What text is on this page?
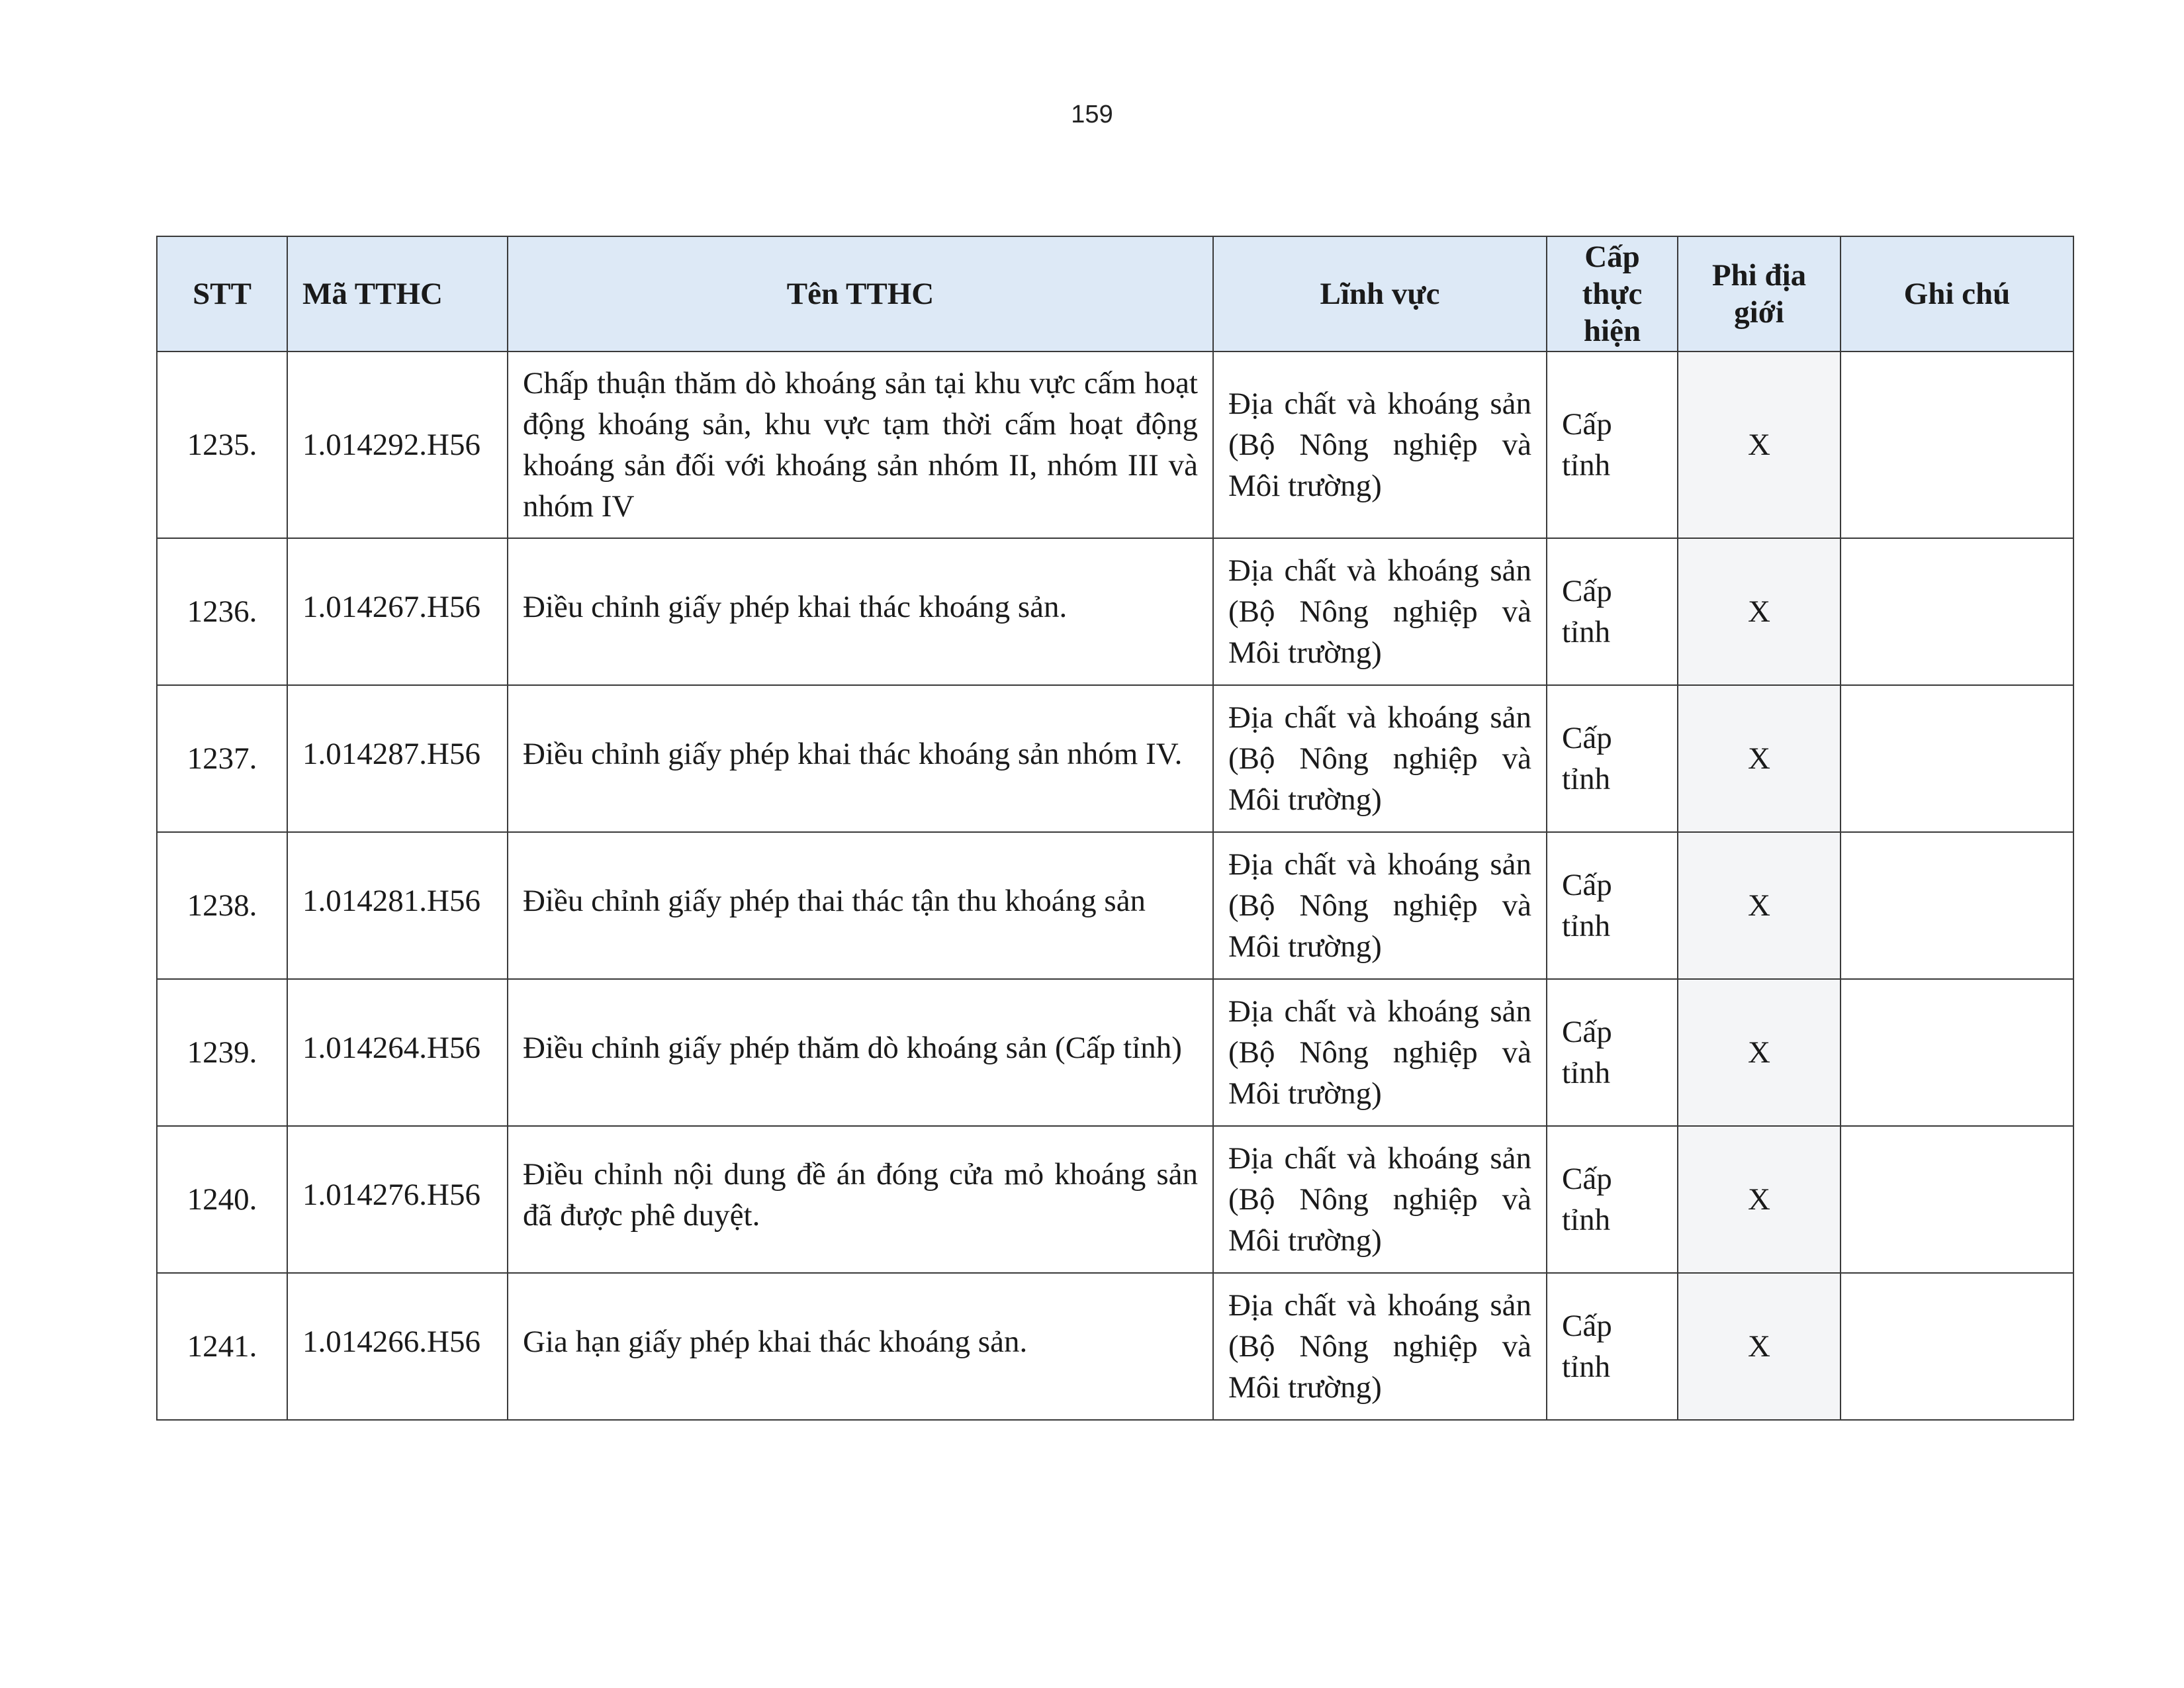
159
STT	Mã TTHC	Tên TTHC	Lĩnh vực	Cấp thực hiện	Phi địa giới	Ghi chú
1235.	1.014292.H56	Chấp thuận thăm dò khoáng sản tại khu vực cấm hoạt động khoáng sản, khu vực tạm thời cấm hoạt động khoáng sản đối với khoáng sản nhóm II, nhóm III và nhóm IV	Địa chất và khoáng sản (Bộ Nông nghiệp và Môi trường)	Cấp tỉnh	X	
1236.	1.014267.H56	Điều chỉnh giấy phép khai thác khoáng sản.	Địa chất và khoáng sản (Bộ Nông nghiệp và Môi trường)	Cấp tỉnh	X	
1237.	1.014287.H56	Điều chỉnh giấy phép khai thác khoáng sản nhóm IV.	Địa chất và khoáng sản (Bộ Nông nghiệp và Môi trường)	Cấp tỉnh	X	
1238.	1.014281.H56	Điều chỉnh giấy phép thai thác tận thu khoáng sản	Địa chất và khoáng sản (Bộ Nông nghiệp và Môi trường)	Cấp tỉnh	X	
1239.	1.014264.H56	Điều chỉnh giấy phép thăm dò khoáng sản (Cấp tỉnh)	Địa chất và khoáng sản (Bộ Nông nghiệp và Môi trường)	Cấp tỉnh	X	
1240.	1.014276.H56	Điều chỉnh nội dung đề án đóng cửa mỏ khoáng sản đã được phê duyệt.	Địa chất và khoáng sản (Bộ Nông nghiệp và Môi trường)	Cấp tỉnh	X	
1241.	1.014266.H56	Gia hạn giấy phép khai thác khoáng sản.	Địa chất và khoáng sản (Bộ Nông nghiệp và Môi trường)	Cấp tỉnh	X	
